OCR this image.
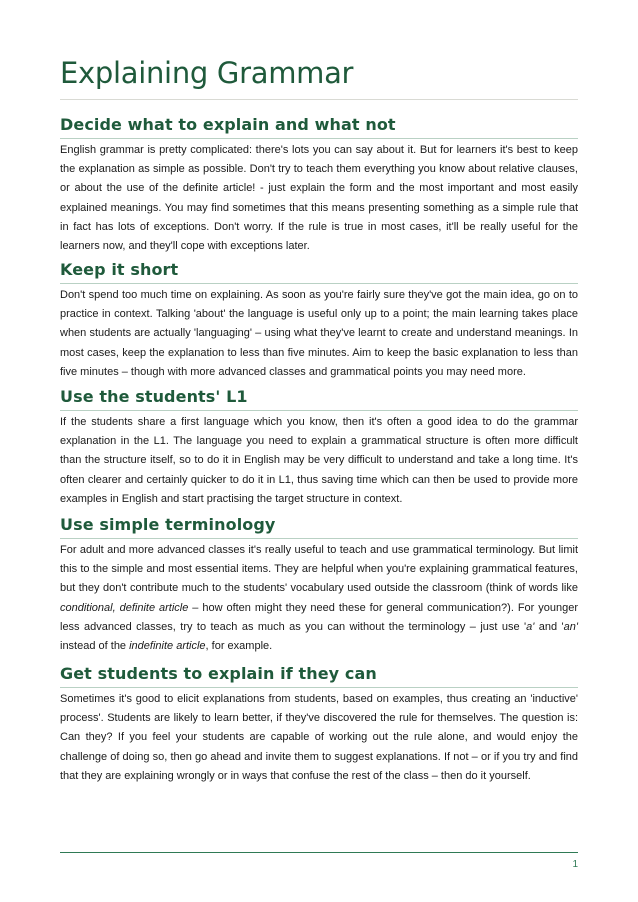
Explaining Grammar
Decide what to explain and what not

English grammar is pretty complicated: there's lots you can say about it. But for learners it's best to keep the explanation as simple as possible. Don't try to teach them everything you know about relative clauses, or about the use of the definite article! - just explain the form and the most important and most easily explained meanings. You may find sometimes that this means presenting something as a simple rule that in fact has lots of exceptions. Don't worry. If the rule is true in most cases, it'll be really useful for the learners now, and they'll cope with exceptions later.

Keep it short

Don't spend too much time on explaining. As soon as you're fairly sure they've got the main idea, go on to practice in context. Talking 'about' the language is useful only up to a point; the main learning takes place when students are actually 'languaging' – using what they've learnt to create and understand meanings. In most cases, keep the explanation to less than five minutes. Aim to keep the basic explanation to less than five minutes – though with more advanced classes and grammatical points you may need more.

Use the students' L1

If the students share a first language which you know, then it's often a good idea to do the grammar explanation in the L1. The language you need to explain a grammatical structure is often more difficult than the structure itself, so to do it in English may be very difficult to understand and take a long time. It's often clearer and certainly quicker to do it in L1, thus saving time which can then be used to provide more examples in English and start practising the target structure in context.

Use simple terminology

For adult and more advanced classes it's really useful to teach and use grammatical terminology. But limit this to the simple and most essential items. They are helpful when you're explaining grammatical features, but they don't contribute much to the students' vocabulary used outside the classroom (think of words like conditional, definite article – how often might they need these for general communication?). For younger less advanced classes, try to teach as much as you can without the terminology – just use 'a' and 'an' instead of the indefinite article, for example.

Get students to explain if they can

Sometimes it's good to elicit explanations from students, based on examples, thus creating an 'inductive' process'. Students are likely to learn better, if they've discovered the rule for themselves. The question is: Can they? If you feel your students are capable of working out the rule alone, and would enjoy the challenge of doing so, then go ahead and invite them to suggest explanations. If not – or if you try and find that they are explaining wrongly or in ways that confuse the rest of the class – then do it yourself.

1
